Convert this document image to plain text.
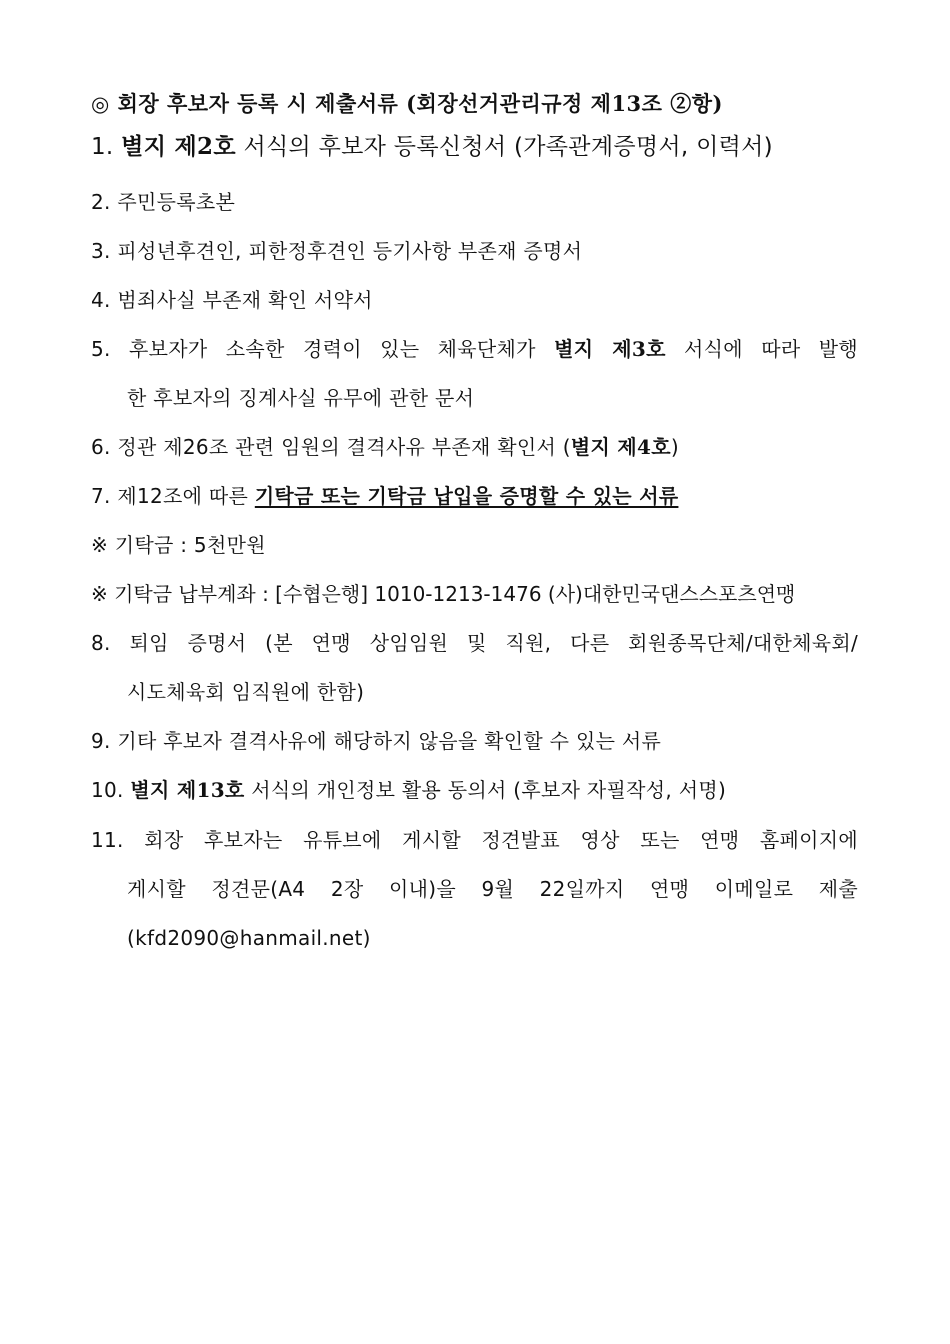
◎ 회장 후보자 등록 시 제출서류 (회장선거관리규정 제13조 ②항)
1. 별지 제2호 서식의 후보자 등록신청서 (가족관계증명서, 이력서)
2. 주민등록초본
3. 피성년후견인, 피한정후견인 등기사항 부존재 증명서
4. 범죄사실 부존재 확인 서약서
5. 후보자가 소속한 경력이 있는 체육단체가 별지 제3호 서식에 따라 발행
한 후보자의 징계사실 유무에 관한 문서
6. 정관 제26조 관련 임원의 결격사유 부존재 확인서 (별지 제4호)
7. 제12조에 따른 기탁금 또는 기탁금 납입을 증명할 수 있는 서류
※ 기탁금 : 5천만원
※ 기탁금 납부계좌 : [수협은행] 1010-1213-1476 (사)대한민국댄스스포츠연맹
8. 퇴임 증명서 (본 연맹 상임임원 및 직원, 다른 회원종목단체/대한체육회/
시도체육회 임직원에 한함)
9. 기타 후보자 결격사유에 해당하지 않음을 확인할 수 있는 서류
10. 별지 제13호 서식의 개인정보 활용 동의서 (후보자 자필작성, 서명)
11. 회장 후보자는 유튜브에 게시할 정견발표 영상 또는 연맹 홈페이지에
게시할 정견문(A4 2장 이내)을 9월 22일까지 연맹 이메일로 제출
(kfd2090@hanmail.net)
